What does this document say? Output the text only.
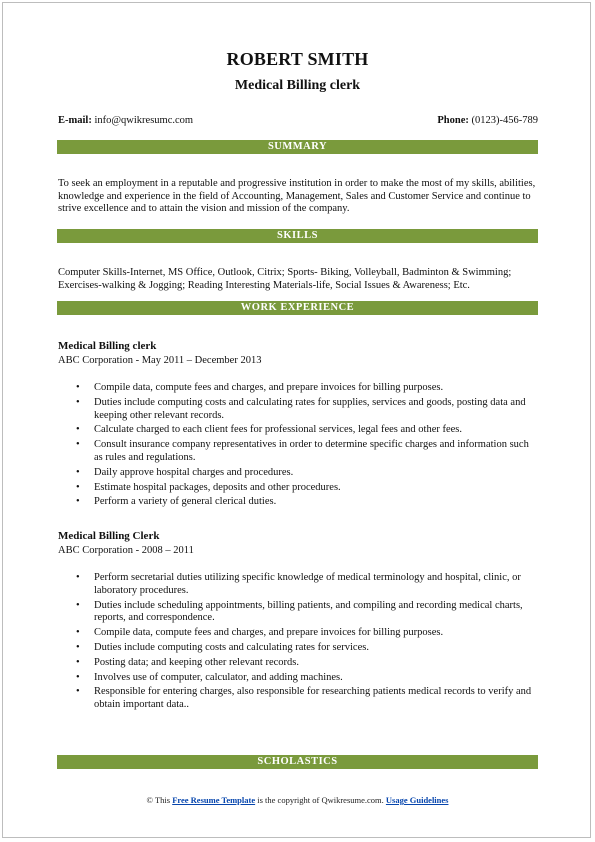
ROBERT SMITH
Medical Billing clerk
E-mail: info@qwikresumc.com	Phone: (0123)-456-789
SUMMARY
To seek an employment in a reputable and progressive institution in order to make the most of my skills, abilities, knowledge and experience in the field of Accounting, Management, Sales and Customer Service and continue to strive excellence and to attain the vision and mission of the company.
SKILLS
Computer Skills-Internet, MS Office, Outlook, Citrix; Sports- Biking, Volleyball, Badminton & Swimming; Exercises-walking & Jogging; Reading Interesting Materials-life, Social Issues & Awareness; Etc.
WORK EXPERIENCE
Medical Billing clerk
ABC Corporation - May 2011 – December 2013
• Compile data, compute fees and charges, and prepare invoices for billing purposes.
• Duties include computing costs and calculating rates for supplies, services and goods, posting data and keeping other relevant records.
• Calculate charged to each client fees for professional services, legal fees and other fees.
• Consult insurance company representatives in order to determine specific charges and information such as rules and regulations.
• Daily approve hospital charges and procedures.
• Estimate hospital packages, deposits and other procedures.
• Perform a variety of general clerical duties.
Medical Billing Clerk
ABC Corporation - 2008 – 2011
• Perform secretarial duties utilizing specific knowledge of medical terminology and hospital, clinic, or laboratory procedures.
• Duties include scheduling appointments, billing patients, and compiling and recording medical charts, reports, and correspondence.
• Compile data, compute fees and charges, and prepare invoices for billing purposes.
• Duties include computing costs and calculating rates for services.
• Posting data; and keeping other relevant records.
• Involves use of computer, calculator, and adding machines.
• Responsible for entering charges, also responsible for researching patients medical records to verify and obtain important data..
SCHOLASTICS
© This Free Resume Template is the copyright of Qwikresume.com. Usage Guidelines
